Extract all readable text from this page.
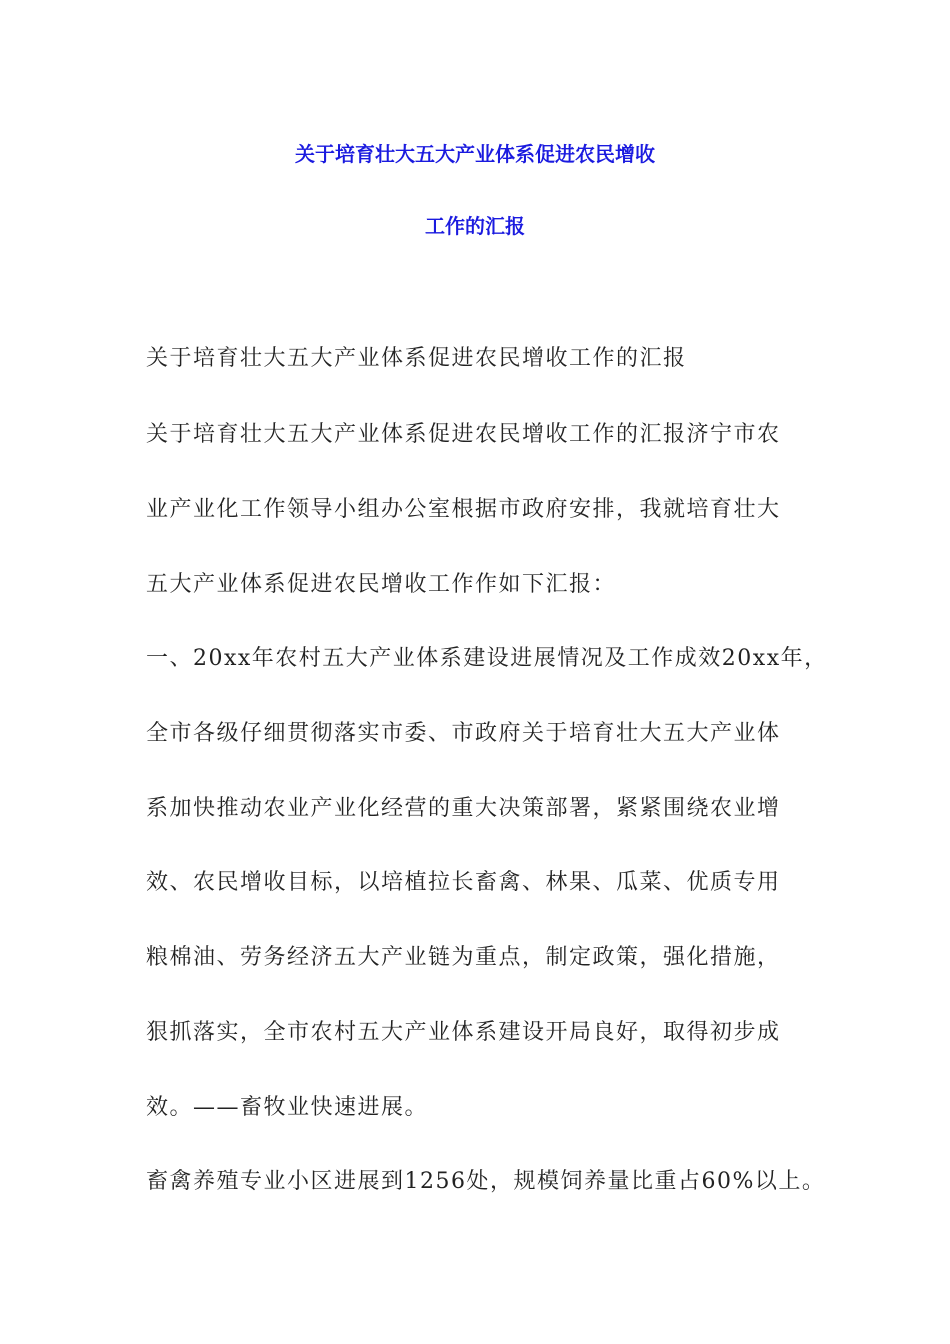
关于培育壮大五大产业体系促进农民增收
工作的汇报
关于培育壮大五大产业体系促进农民增收工作的汇报
关于培育壮大五大产业体系促进农民增收工作的汇报济宁市农
业产业化工作领导小组办公室根据市政府安排，我就培育壮大
五大产业体系促进农民增收工作作如下汇报：
一、20xx年农村五大产业体系建设进展情况及工作成效20xx年，
全市各级仔细贯彻落实市委、市政府关于培育壮大五大产业体
系加快推动农业产业化经营的重大决策部署，紧紧围绕农业增
效、农民增收目标，以培植拉长畜禽、林果、瓜菜、优质专用
粮棉油、劳务经济五大产业链为重点，制定政策，强化措施，
狠抓落实，全市农村五大产业体系建设开局良好，取得初步成
效。——畜牧业快速进展。
畜禽养殖专业小区进展到1256处，规模饲养量比重占60%以上。
